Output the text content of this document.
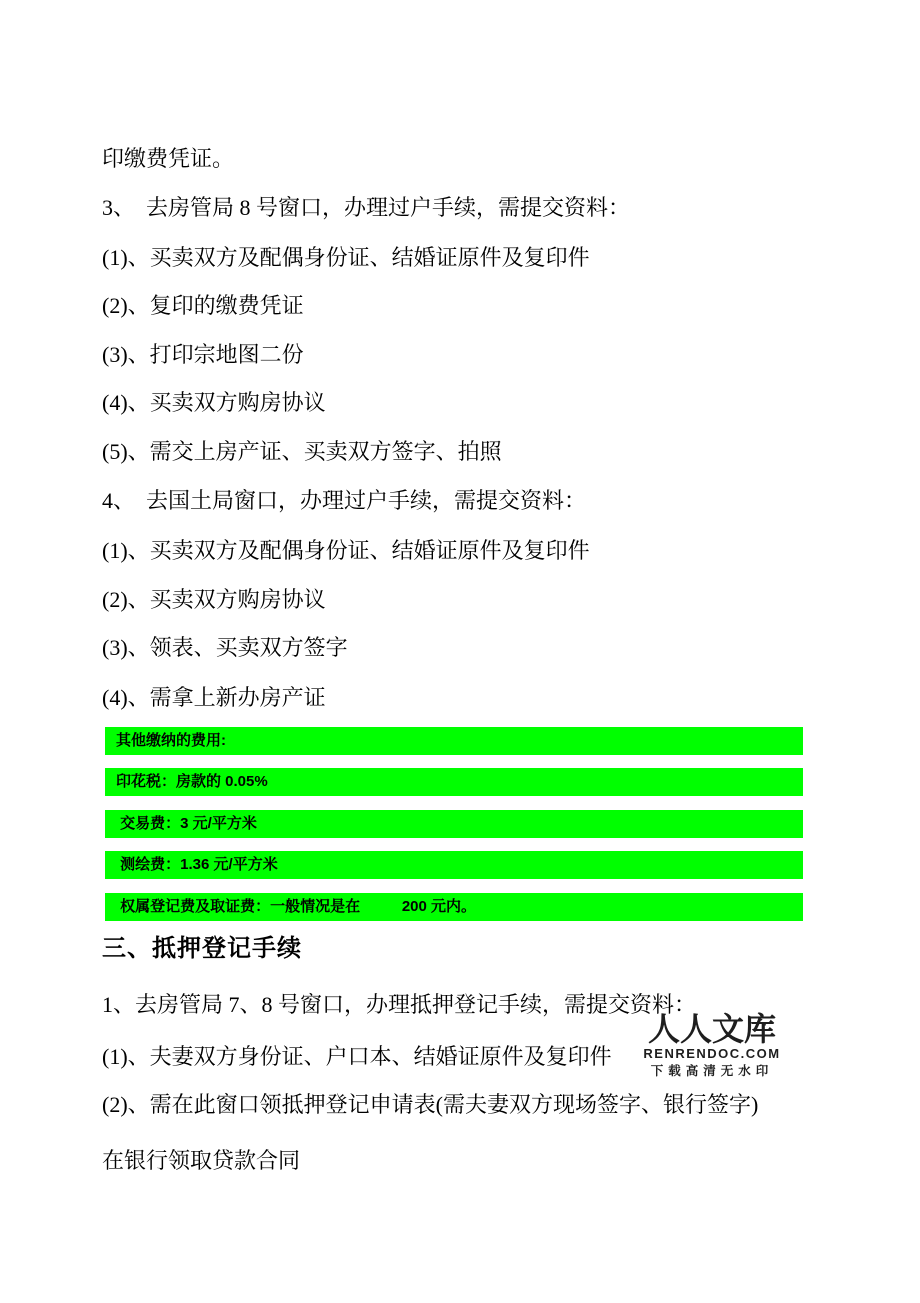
印缴费凭证。

3、　去房管局 8 号窗口，办理过户手续，需提交资料：

(1)、买卖双方及配偶身份证、结婚证原件及复印件

(2)、复印的缴费凭证

(3)、打印宗地图二份

(4)、买卖双方购房协议

(5)、需交上房产证、买卖双方签字、拍照

4、　去国土局窗口，办理过户手续，需提交资料：

(1)、买卖双方及配偶身份证、结婚证原件及复印件

(2)、买卖双方购房协议

(3)、领表、买卖双方签字

(4)、需拿上新办房产证

其他缴纳的费用:
印花税：房款的 0.05%
交易费：3 元/平方米
测绘费：1.36 元/平方米
权属登记费及取证费：一般情况是在          200 元内。
三、抵押登记手续

1、去房管局 7、8 号窗口，办理抵押登记手续，需提交资料：

(1)、夫妻双方身份证、户口本、结婚证原件及复印件

(2)、需在此窗口领抵押登记申请表(需夫妻双方现场签字、银行签字)

在银行领取贷款合同

人人文库
RENRENDOC.COM
下载高清无水印
